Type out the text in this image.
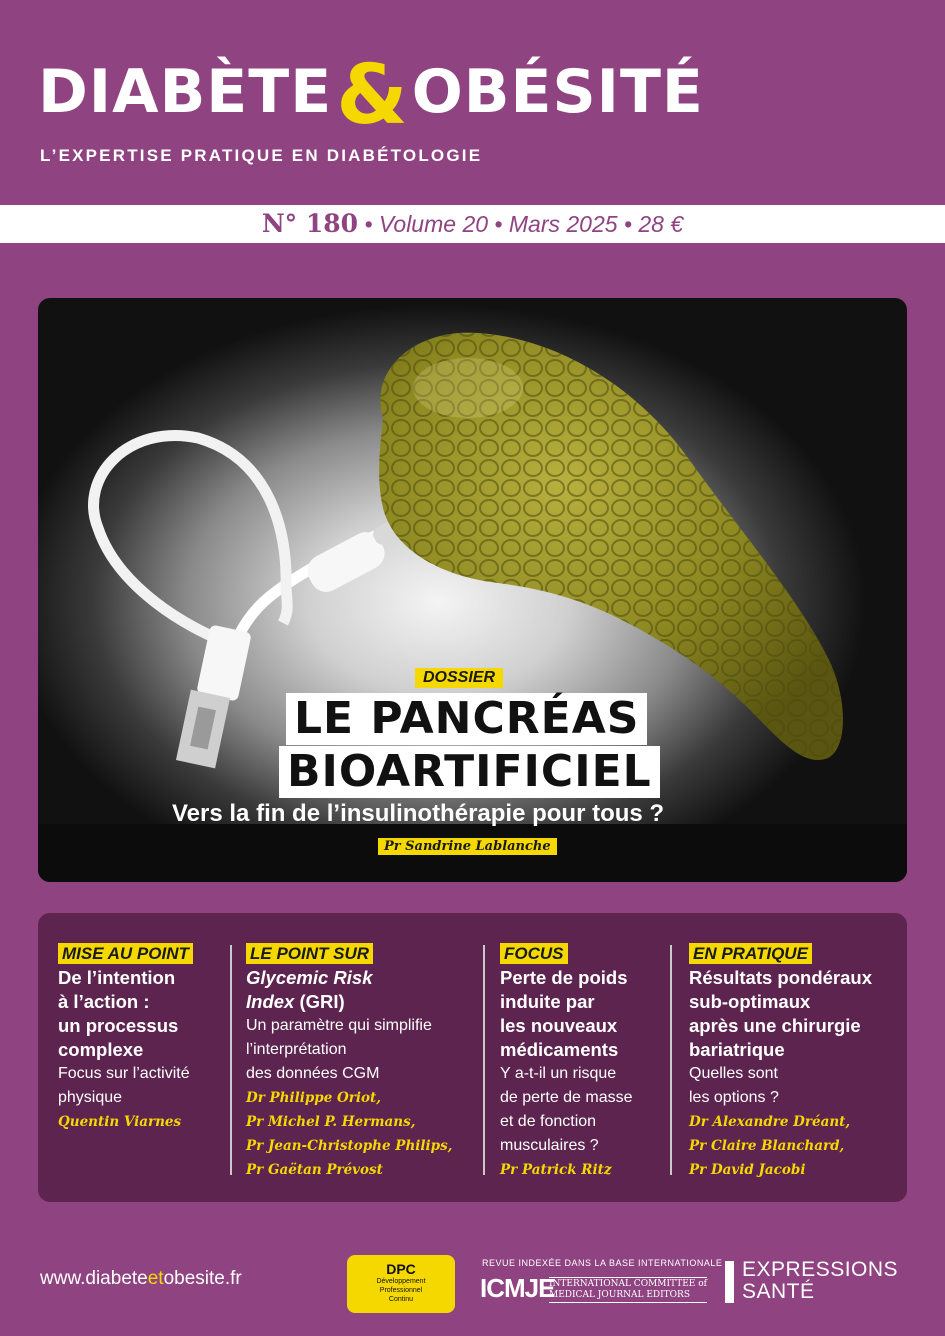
DIABÈTE&OBÉSITÉ
L’EXPERTISE PRATIQUE EN DIABÉTOLOGIE
N° 180 • Volume 20 • Mars 2025 • 28 €
DOSSIER
LE PANCRÉAS
BIOARTIFICIEL
Vers la fin de l’insulinothérapie pour tous ?
Pr Sandrine Lablanche
MISE AU POINT
De l’intention
à l’action :
un processus
complexe
Focus sur l’activité
physique
Quentin Viarnes
LE POINT SUR
Glycemic Risk
Index (GRI)
Un paramètre qui simplifie
l’interprétation
des données CGM
Dr Philippe Oriot,
Pr Michel P. Hermans,
Pr Jean-Christophe Philips,
Pr Gaëtan Prévost
FOCUS
Perte de poids
induite par
les nouveaux
médicaments
Y a-t-il un risque
de perte de masse
et de fonction
musculaires ?
Pr Patrick Ritz
EN PRATIQUE
Résultats pondéraux
sub-optimaux
après une chirurgie
bariatrique
Quelles sont
les options ?
Dr Alexandre Dréant,
Pr Claire Blanchard,
Pr David Jacobi
www.diabeteetobesite.fr	DPC
Développement
Professionnel
Continu
REVUE INDEXÉE DANS LA BASE INTERNATIONALE
ICMJE
INTERNATIONAL COMMITTEE of
MEDICAL JOURNAL EDITORS
EXPRESSIONS
SANTÉ
